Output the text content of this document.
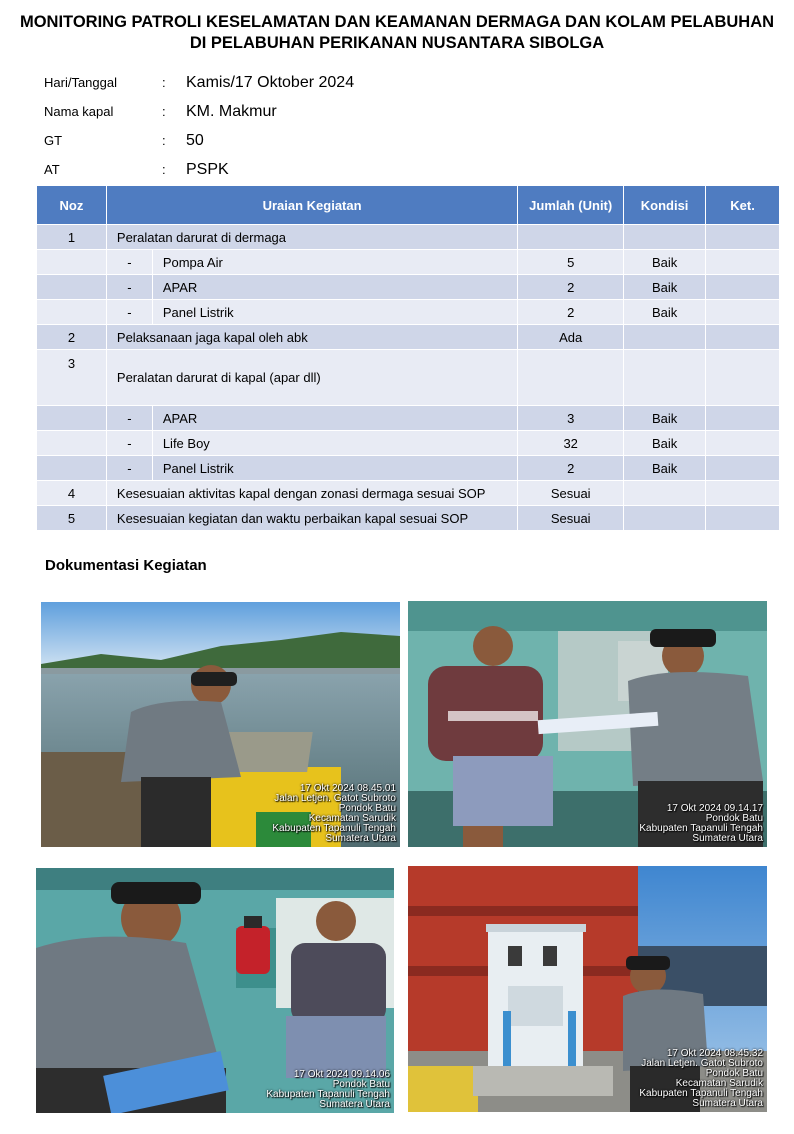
MONITORING PATROLI KESELAMATAN DAN KEAMANAN DERMAGA DAN KOLAM PELABUHAN
DI PELABUHAN PERIKANAN NUSANTARA SIBOLGA
Hari/Tanggal	:	Kamis/17 Oktober 2024
Nama kapal	:	KM. Makmur
GT	:	50
AT	:	PSPK
Noz	Uraian Kegiatan		Jumlah (Unit)	Kondisi	Ket.
1	Peralatan darurat di dermaga				
	-	Pompa Air	5	Baik	
	-	APAR	2	Baik	
	-	Panel Listrik	2	Baik	
2	Pelaksanaan jaga kapal oleh abk		Ada		
3	Peralatan darurat di kapal (apar dll)				
	-	APAR	3	Baik	
	-	Life Boy	32	Baik	
	-	Panel Listrik	2	Baik	
4	Kesesuaian aktivitas kapal dengan zonasi dermaga sesuai SOP		Sesuai		
5	Kesesuaian kegiatan dan waktu perbaikan kapal sesuai SOP		Sesuai		
Dokumentasi Kegiatan
17 Okt 2024 08.45.01
Jalan Letjen. Gatot Subroto
Pondok Batu
Kecamatan Sarudik
Kabupaten Tapanuli Tengah
Sumatera Utara
17 Okt 2024 09.14.17
Pondok Batu
Kabupaten Tapanuli Tengah
Sumatera Utara
17 Okt 2024 09.14.06
Pondok Batu
Kabupaten Tapanuli Tengah
Sumatera Utara
17 Okt 2024 08.45.32
Jalan Letjen. Gatot Subroto
Pondok Batu
Kecamatan Sarudik
Kabupaten Tapanuli Tengah
Sumatera Utara
